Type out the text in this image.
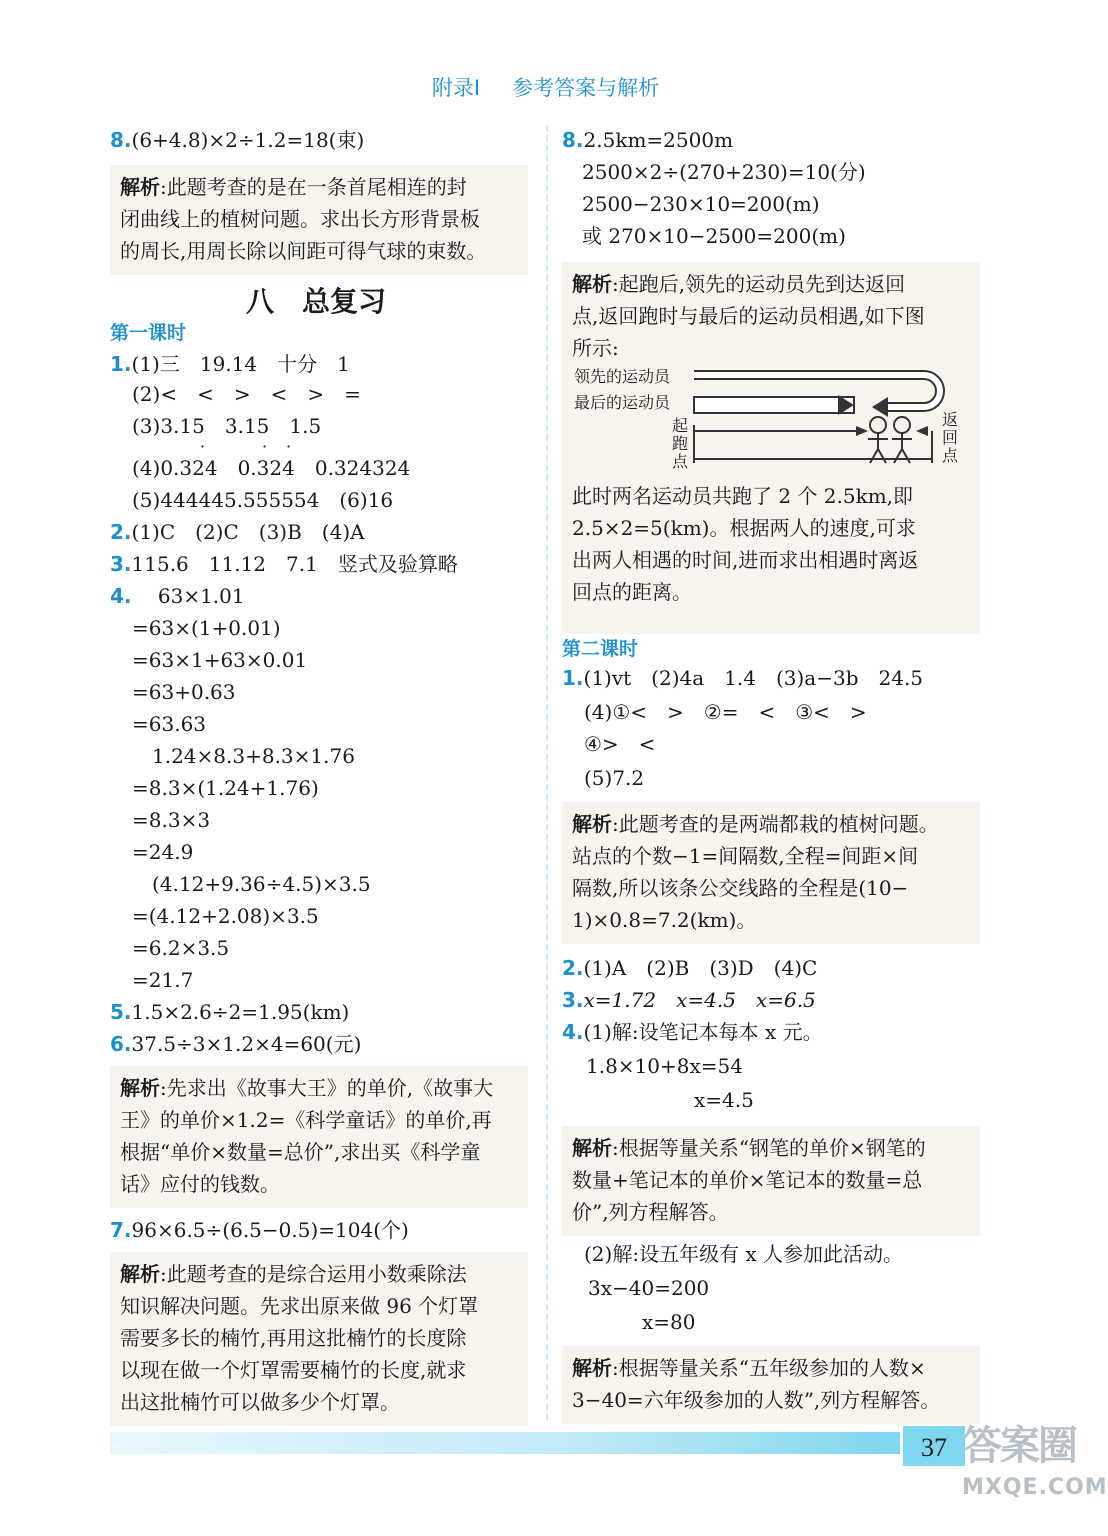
附录Ⅰ 参考答案与解析
8.(6+4.8)×2÷1.2=18(束)

解析:此题考查的是在一条首尾相连的封

闭曲线上的植树问题。求出长方形背景板

的周长,用周长除以间距可得气球的束数。

八　总复习
第一课时
1.(1)三　19.14　十分　1
(2)<　<　>　<　>　=
(3)3.15　3.15　1.5
·	· ·
(4)0.324　0.324　0.324324
(5)444445.555554　(6)16
2.(1)C　(2)C　(3)B　(4)A
3.115.6　11.12　7.1　竖式及验算略
4. 63×1.01
=63×(1+0.01)
=63×1+63×0.01
=63+0.63
=63.63
1.24×8.3+8.3×1.76
=8.3×(1.24+1.76)
=8.3×3
=24.9
(4.12+9.36÷4.5)×3.5
=(4.12+2.08)×3.5
=6.2×3.5
=21.7
5.1.5×2.6÷2=1.95(km)
6.37.5÷3×1.2×4=60(元)

解析:先求出《故事大王》的单价,《故事大

王》的单价×1.2=《科学童话》的单价,再

根据“单价×数量=总价”,求出买《科学童

话》应付的钱数。

7.96×6.5÷(6.5−0.5)=104(个)

解析:此题考查的是综合运用小数乘除法

知识解决问题。先求出原来做 96 个灯罩

需要多长的楠竹,再用这批楠竹的长度除

以现在做一个灯罩需要楠竹的长度,就求

出这批楠竹可以做多少个灯罩。

8.2.5km=2500m
2500×2÷(270+230)=10(分)
2500−230×10=200(m)
或 270×10−2500=200(m)

解析:起跑后,领先的运动员先到达返回

点,返回跑时与最后的运动员相遇,如下图

所示:

此时两名运动员共跑了 2 个 2.5km,即

2.5×2=5(km)。根据两人的速度,可求

出两人相遇的时间,进而求出相遇时离返

回点的距离。

领先的运动员
最后的运动员
起
跑
点
返
回
点
第二课时
1.(1)vt　(2)4a　1.4　(3)a−3b　24.5
(4)①<　>　②=　<　③<　>
④>　<
(5)7.2

解析:此题考查的是两端都栽的植树问题。

站点的个数−1=间隔数,全程=间距×间

隔数,所以该条公交线路的全程是(10−

1)×0.8=7.2(km)。

2.(1)A　(2)B　(3)D　(4)C
3.x=1.72　x=4.5　x=6.5
4.(1)解:设笔记本每本 x 元。
1.8×10+8x=54
x=4.5

解析:根据等量关系“钢笔的单价×钢笔的

数量+笔记本的单价×笔记本的数量=总

价”,列方程解答。

(2)解:设五年级有 x 人参加此活动。
3x−40=200
x=80

解析:根据等量关系“五年级参加的人数×

3−40=六年级参加的人数”,列方程解答。

37 答案圈
MXQE.COM
